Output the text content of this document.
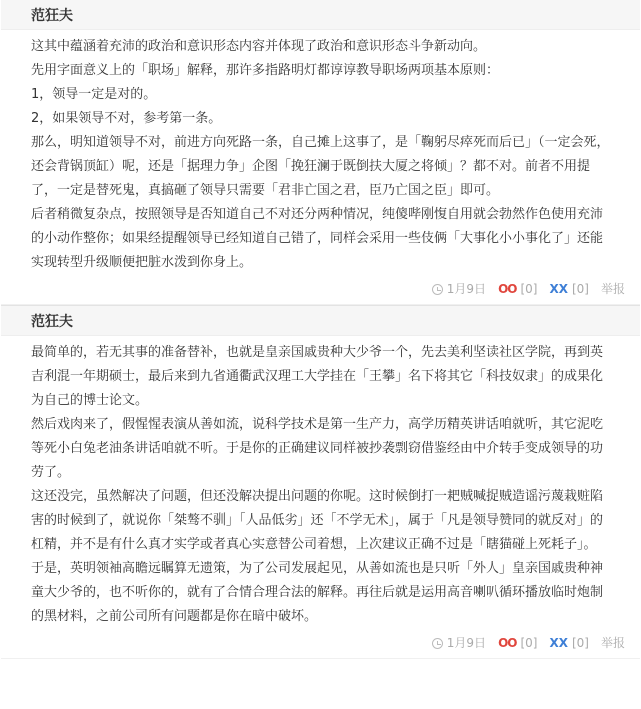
范狂夫

这其中蕴涵着充沛的政治和意识形态内容并体现了政治和意识形态斗争新动向。

先用字面意义上的「职场」解释，那许多指路明灯都谆谆教导职场两项基本原则：

1，领导一定是对的。

2，如果领导不对，参考第一条。

那么，明知道领导不对，前进方向死路一条，自己摊上这事了，是「鞠躬尽瘁死而后已」（一定会死，还会背锅顶缸）呢，还是「据理力争」企图「挽狂澜于既倒扶大厦之将倾」？都不对。前者不用提了，一定是替死鬼，真搞砸了领导只需要「君非亡国之君，臣乃亡国之臣」即可。

后者稍微复杂点，按照领导是否知道自己不对还分两种情况，纯傻哔刚愎自用就会勃然作色使用充沛的小动作整你；如果经提醒领导已经知道自己错了，同样会采用一些伎俩「大事化小小事化了」还能实现转型升级顺便把脏水泼到你身上。

1月9日 OO [0] XX [0] 举报
范狂夫

最简单的，若无其事的准备替补，也就是皇亲国戚贵种大少爷一个，先去美利坚读社区学院，再到英吉利混一年期硕士，最后来到九省通衢武汉理工大学挂在「王攀」名下将其它「科技奴隶」的成果化为自己的博士论文。

然后戏肉来了，假惺惺表演从善如流，说科学技术是第一生产力，高学历精英讲话咱就听，其它泥吃等死小白兔老油条讲话咱就不听。于是你的正确建议同样被抄袭剽窃借鉴经由中介转手变成领导的功劳了。

这还没完，虽然解决了问题，但还没解决提出问题的你呢。这时候倒打一耙贼喊捉贼造谣污蔑栽赃陷害的时候到了，就说你「桀骜不驯」「人品低劣」还「不学无术」，属于「凡是领导赞同的就反对」的杠精，并不是有什么真才实学或者真心实意替公司着想，上次建议正确不过是「瞎猫碰上死耗子」。

于是，英明领袖高瞻远瞩算无遗策，为了公司发展起见，从善如流也是只听「外人」皇亲国戚贵种神童大少爷的，也不听你的，就有了合情合理合法的解释。再往后就是运用高音喇叭循环播放临时炮制的黑材料，之前公司所有问题都是你在暗中破坏。

1月9日 OO [0] XX [0] 举报
